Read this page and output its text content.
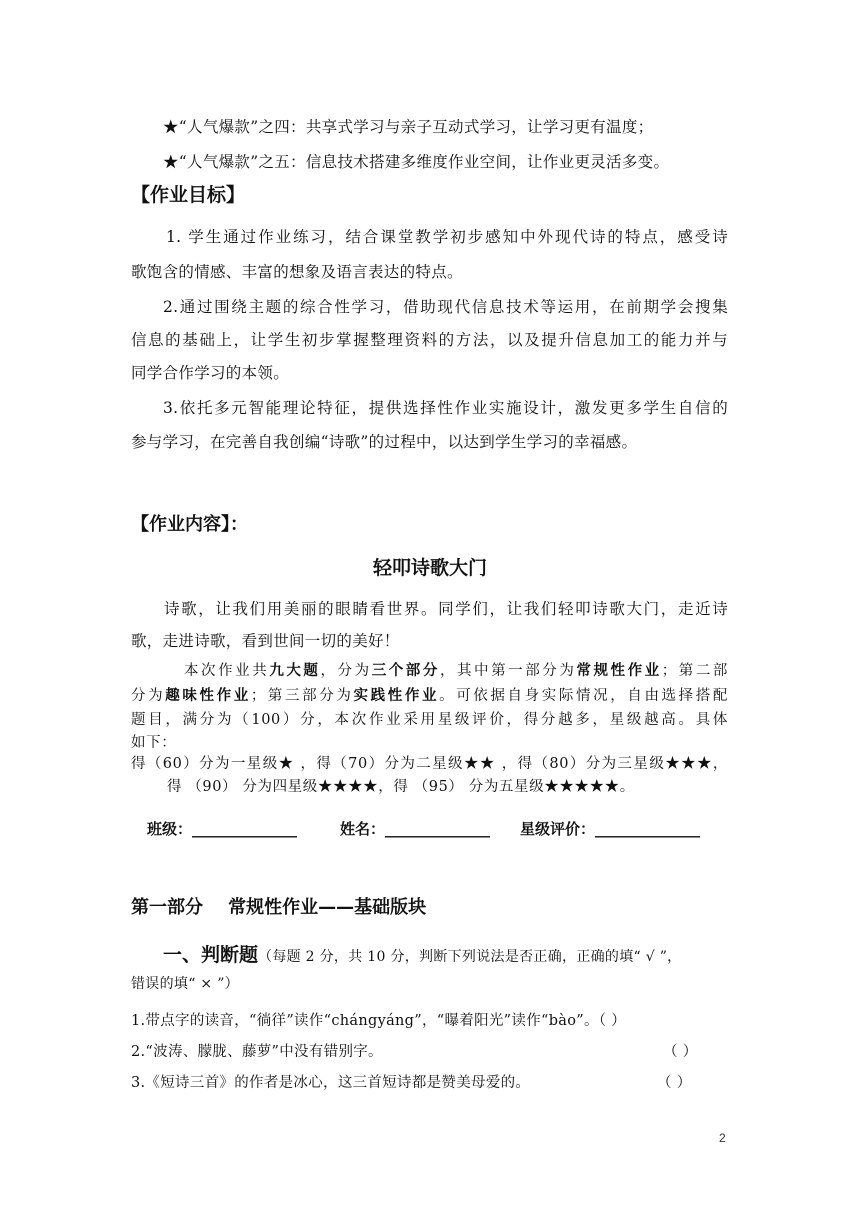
★“人气爆款”之四：共享式学习与亲子互动式学习，让学习更有温度；
★“人气爆款”之五：信息技术搭建多维度作业空间，让作业更灵活多变。
【作业目标】
1. 学生通过作业练习，结合课堂教学初步感知中外现代诗的特点，感受诗
歌饱含的情感、丰富的想象及语言表达的特点。
2.通过围绕主题的综合性学习，借助现代信息技术等运用，在前期学会搜集
信息的基础上，让学生初步掌握整理资料的方法，以及提升信息加工的能力并与
同学合作学习的本领。
3.依托多元智能理论特征，提供选择性作业实施设计，激发更多学生自信的
参与学习，在完善自我创编“诗歌”的过程中，以达到学生学习的幸福感。
【作业内容】：
轻叩诗歌大门
诗歌，让我们用美丽的眼睛看世界。同学们，让我们轻叩诗歌大门，走近诗
歌，走进诗歌，看到世间一切的美好！
本次作业共九大题，分为三个部分，其中第一部分为常规性作业；第二部
分为趣味性作业；第三部分为实践性作业。可依据自身实际情况，自由选择搭配
题目，满分为（100）分，本次作业采用星级评价，得分越多，星级越高。具体
如下：
得（60）分为一星级★ ，得（70）分为二星级★★ ，得（80）分为三星级★★★，
得 （90） 分为四星级★★★★，得 （95） 分为五星级★★★★★。
班级：______________	姓名：______________ 星级评价：______________
第一部分    常规性作业——基础版块
一、判断题（每题 2 分，共 10 分，判断下列说法是否正确，正确的填“ √ ”，
错误的填“ × ”）
1.带点字的读音，“徜徉”读作“chángyáng”，“曝着阳光”读作“bào”。（ ）
2.“波涛、朦胧、藤萝”中没有错别字。	（ ）
3.《短诗三首》的作者是冰心，这三首短诗都是赞美母爱的。	（ ）
2
